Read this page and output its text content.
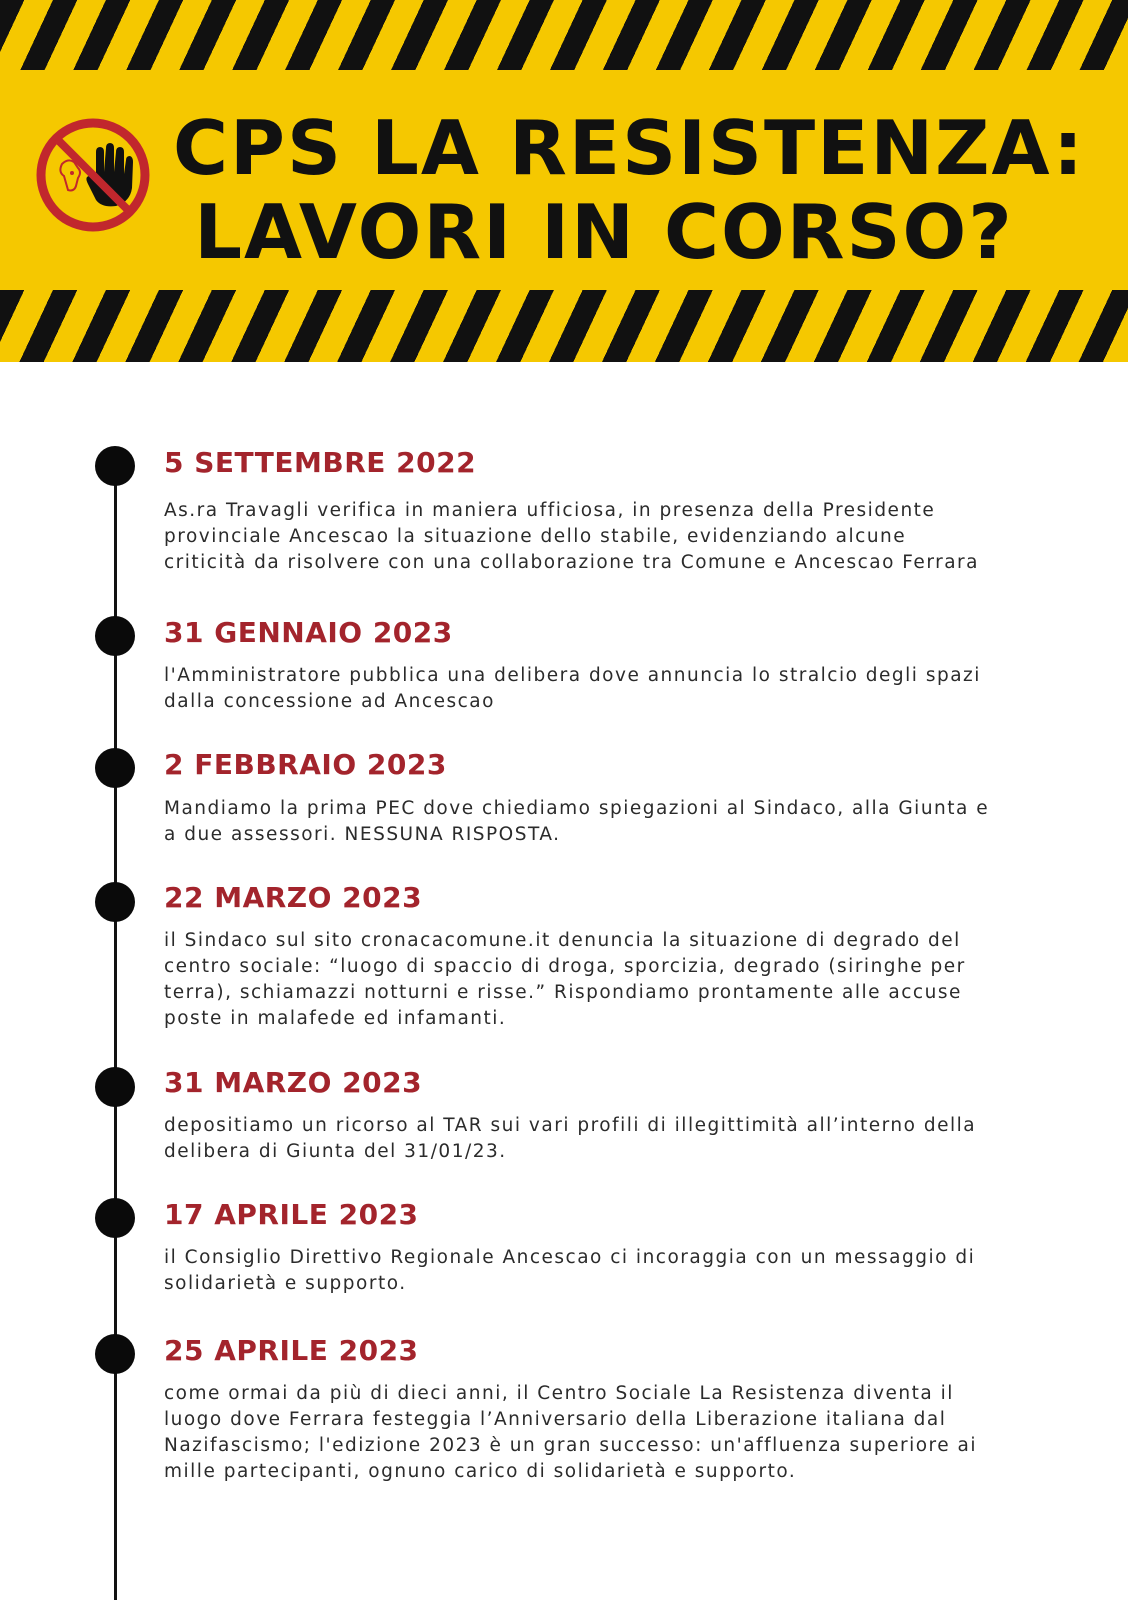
CPS LA RESISTENZA:
LAVORI IN CORSO?
5 SETTEMBRE 2022
As.ra Travagli verifica in maniera ufficiosa, in presenza della Presidente
provinciale Ancescao la situazione dello stabile, evidenziando alcune
criticità da risolvere con una collaborazione tra Comune e Ancescao Ferrara
31 GENNAIO 2023
l'Amministratore pubblica una delibera dove annuncia lo stralcio degli spazi
dalla concessione ad Ancescao
2 FEBBRAIO 2023
Mandiamo la prima PEC dove chiediamo spiegazioni al Sindaco, alla Giunta e
a due assessori. NESSUNA RISPOSTA.
22 MARZO 2023
il Sindaco sul sito cronacacomune.it denuncia la situazione di degrado del
centro sociale: “luogo di spaccio di droga, sporcizia, degrado (siringhe per
terra), schiamazzi notturni e risse.” Rispondiamo prontamente alle accuse
poste in malafede ed infamanti.
31 MARZO 2023
depositiamo un ricorso al TAR sui vari profili di illegittimità all’interno della
delibera di Giunta del 31/01/23.
17 APRILE 2023
il Consiglio Direttivo Regionale Ancescao ci incoraggia con un messaggio di
solidarietà e supporto.
25 APRILE 2023
come ormai da più di dieci anni, il Centro Sociale La Resistenza diventa il
luogo dove Ferrara festeggia l’Anniversario della Liberazione italiana dal
Nazifascismo; l'edizione 2023 è un gran successo: un'affluenza superiore ai
mille partecipanti, ognuno carico di solidarietà e supporto.
